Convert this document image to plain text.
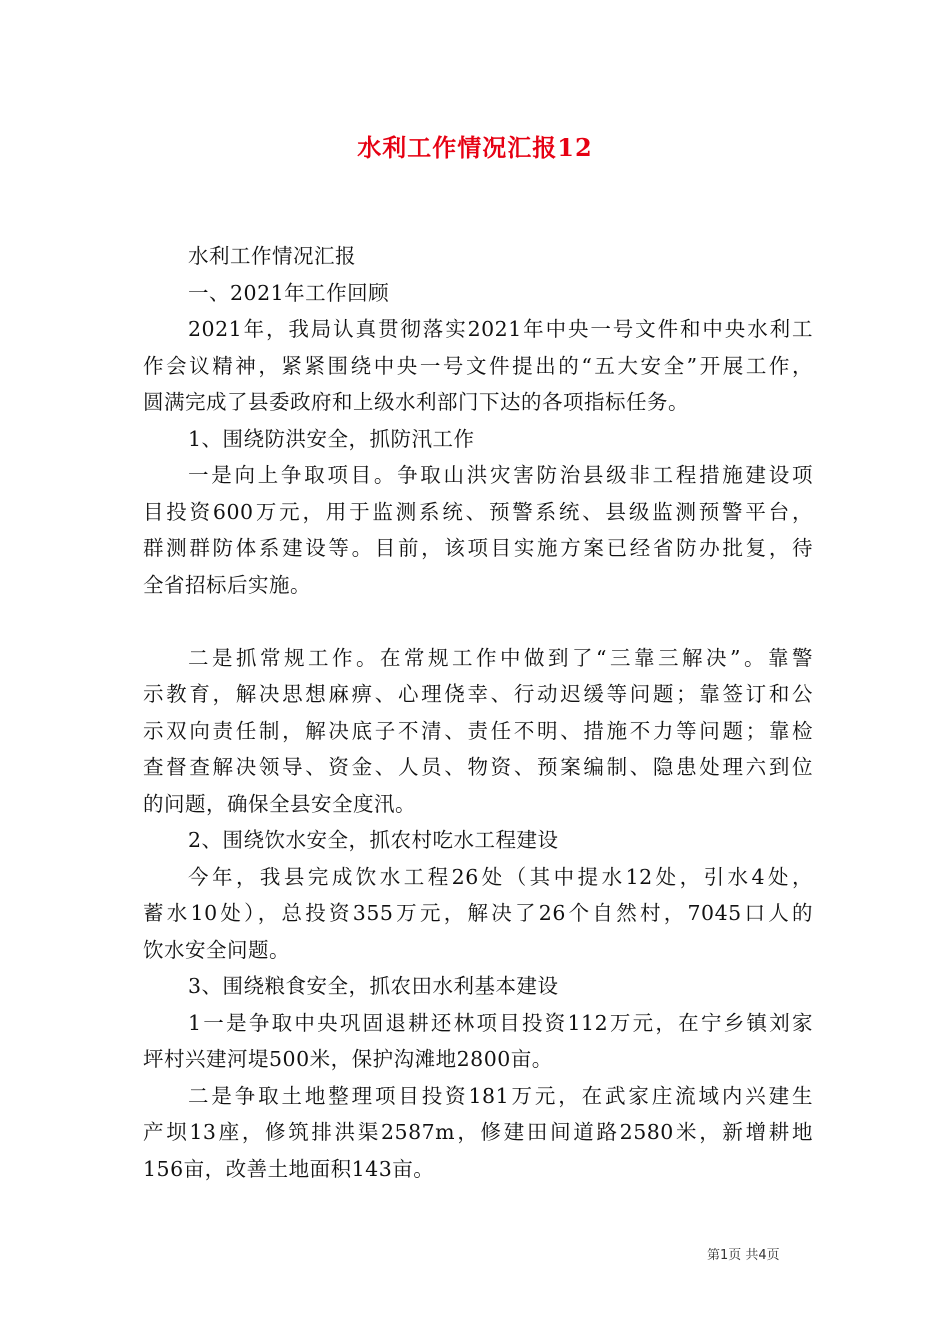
水利工作情况汇报12
水利工作情况汇报
一、2021年工作回顾
2021年，我局认真贯彻落实2021年中央一号文件和中央水利工
作会议精神，紧紧围绕中央一号文件提出的“五大安全”开展工作，
圆满完成了县委政府和上级水利部门下达的各项指标任务。
1、围绕防洪安全，抓防汛工作
一是向上争取项目。争取山洪灾害防治县级非工程措施建设项
目投资600万元，用于监测系统、预警系统、县级监测预警平台，
群测群防体系建设等。目前，该项目实施方案已经省防办批复，待
全省招标后实施。
二是抓常规工作。在常规工作中做到了“三靠三解决”。靠警
示教育，解决思想麻痹、心理侥幸、行动迟缓等问题；靠签订和公
示双向责任制，解决底子不清、责任不明、措施不力等问题；靠检
查督查解决领导、资金、人员、物资、预案编制、隐患处理六到位
的问题，确保全县安全度汛。
2、围绕饮水安全，抓农村吃水工程建设
今年，我县完成饮水工程26处（其中提水12处，引水4处，
蓄水10处），总投资355万元，解决了26个自然村，7045口人的
饮水安全问题。
3、围绕粮食安全，抓农田水利基本建设
1一是争取中央巩固退耕还林项目投资112万元，在宁乡镇刘家
坪村兴建河堤500米，保护沟滩地2800亩。
二是争取土地整理项目投资181万元，在武家庄流域内兴建生
产坝13座，修筑排洪渠2587m，修建田间道路2580米，新增耕地
156亩，改善土地面积143亩。
第1页 共4页
